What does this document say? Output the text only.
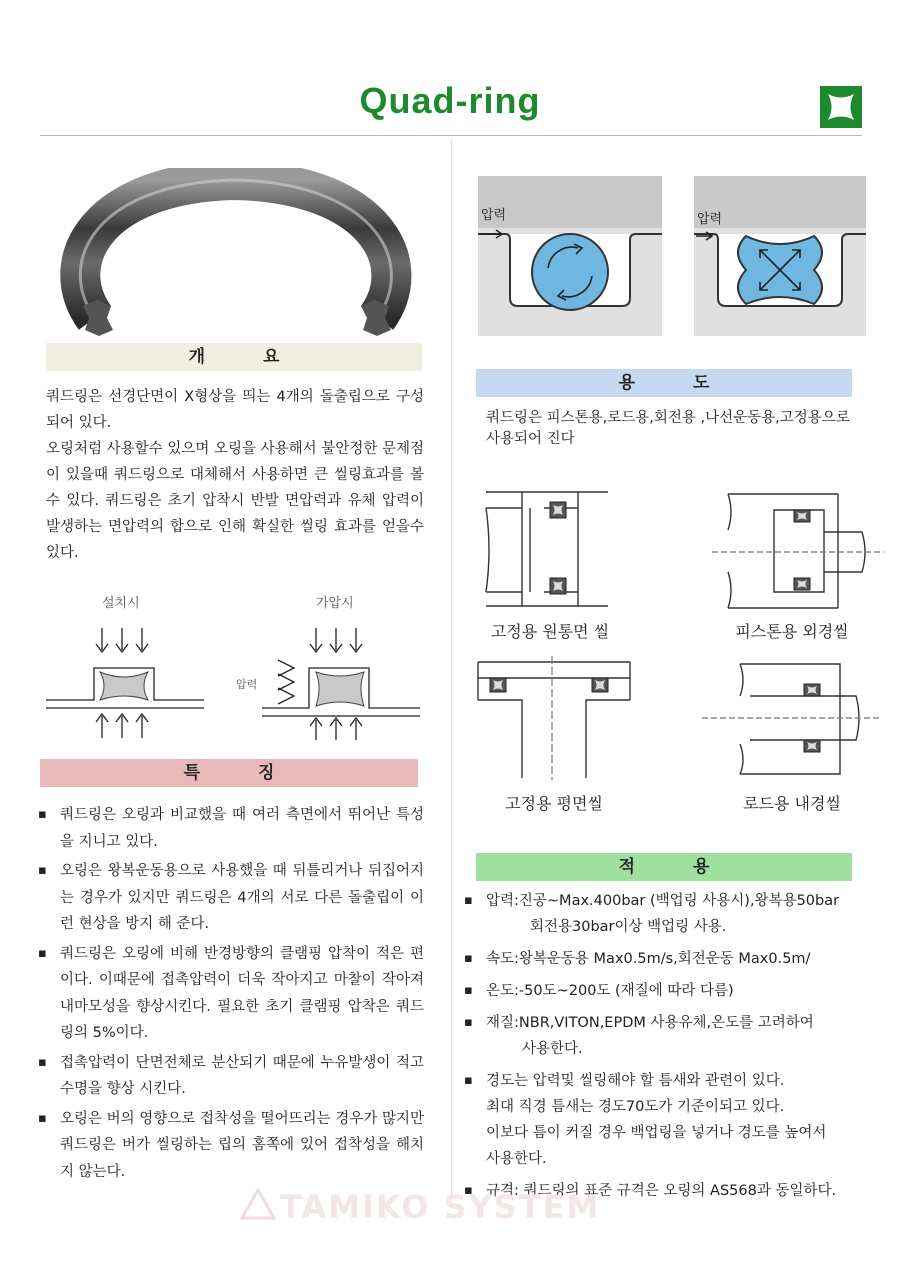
Quad-ring
개요

쿼드링은 선경단면이 X형상을 띄는 4개의 돌출립으로 구성되어 있다.

오링처럼 사용할수 있으며 오링을 사용해서 불안정한 문제점이 있을때 쿼드링으로 대체해서 사용하면 큰 씰링효과를 볼 수 있다. 쿼드링은 초기 압착시 반발 면압력과 유체 압력이 발생하는 면압력의 합으로 인해 확실한 씰링 효과를 얻을수 있다.

설치시	가압시
압력
특징
▪ 쿼드링은 오링과 비교했을 때 여러 측면에서 뛰어난 특성을 지니고 있다.
▪ 오링은 왕복운동용으로 사용했을 때 뒤틀리거나 뒤집어지는 경우가 있지만 쿼드링은 4개의 서로 다른 돌출립이 이런 현상을 방지 해 준다.
▪ 쿼드링은 오링에 비해 반경방향의 클램핑 압착이 적은 편이다. 이때문에 접촉압력이 더욱 작아지고 마찰이 작아져 내마모성을 향상시킨다. 필요한 초기 클램핑 압착은 쿼드링의 5%이다.
▪ 접촉압력이 단면전체로 분산되기 때문에 누유발생이 적고 수명을 향상 시킨다.
▪ 오링은 버의 영향으로 접착성을 떨어뜨리는 경우가 많지만 쿼드링은 버가 씰링하는 립의 홈쪽에 있어 접착성을 해치지 않는다.
압력	압력
용도
쿼드링은 피스톤용,로드용,회전용 ,나선운동용,고정용으로 사용되어 진다
고정용 원통면 씰	피스톤용 외경씰
고정용 평면씰	로드용 내경씰
적용
▪ 압력:진공~Max.400bar (백업링 사용시),왕복용50bar
회전용30bar이상 백업링 사용.
▪ 속도:왕복운동용 Max0.5m/s,회전운동 Max0.5m/
▪ 온도:-50도~200도 (재질에 따라 다름)
▪ 재질:NBR,VITON,EPDM 사용유체,온도를 고려하여
사용한다.
▪ 경도는 압력및 씰링해야 할 틈새와 관련이 있다.
최대 직경 틈새는 경도70도가 기준이되고 있다.
이보다 틈이 커질 경우 백업링을 넣거나 경도를 높여서
사용한다.
▪ 규격: 쿼드링의 표준 규격은 오링의 AS568과 동일하다.
TAMIKO SYSTEM
